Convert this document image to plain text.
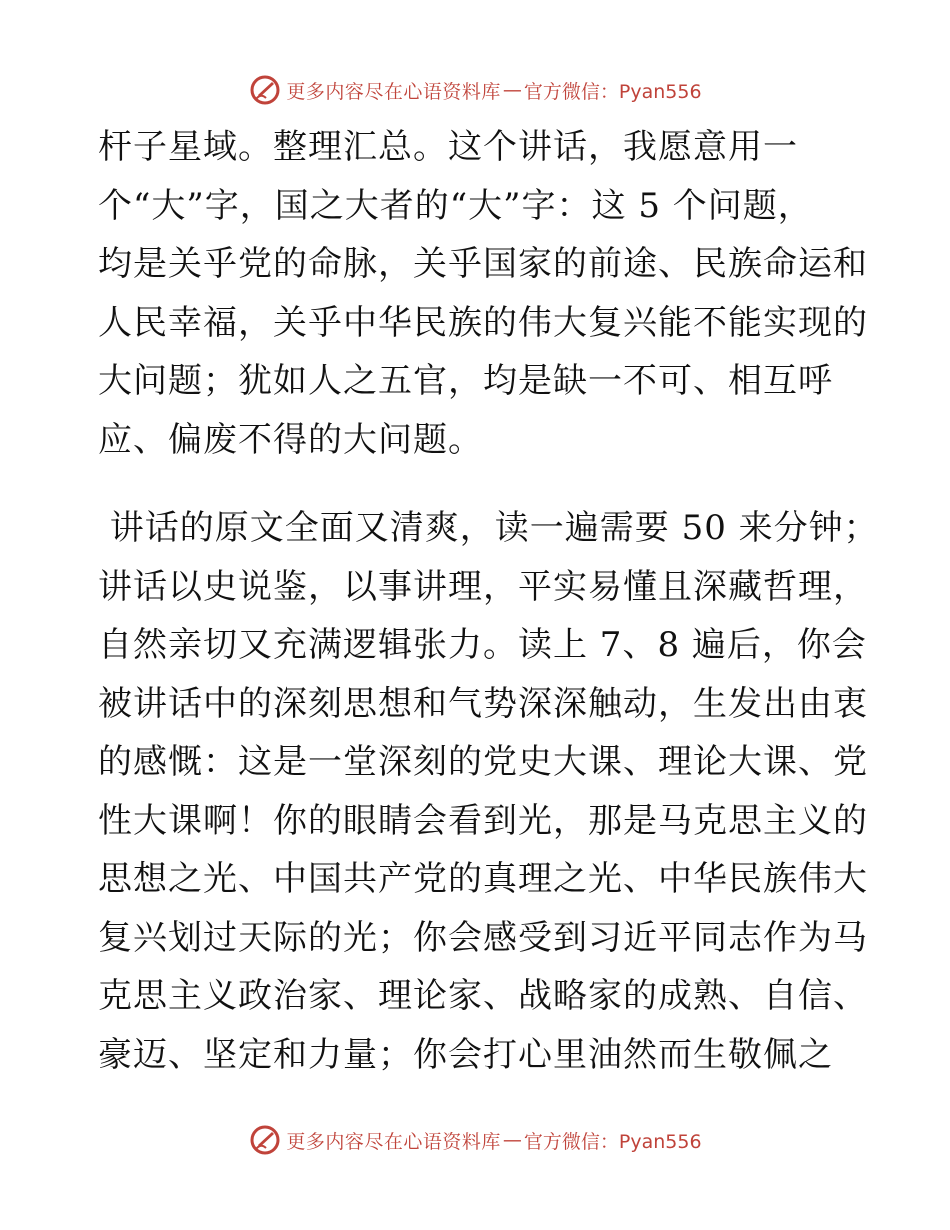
更多内容尽在心语资料库 — 官方微信：Pyan556
杆子星域。整理汇总。这个讲话，我愿意用一
个“大”字，国之大者的“大”字：这 5 个问题，
均是关乎党的命脉，关乎国家的前途、民族命运和
人民幸福，关乎中华民族的伟大复兴能不能实现的
大问题；犹如人之五官，均是缺一不可、相互呼
应、偏废不得的大问题。
讲话的原文全面又清爽，读一遍需要 50 来分钟；
讲话以史说鉴，以事讲理，平实易懂且深藏哲理，
自然亲切又充满逻辑张力。读上 7、8 遍后，你会
被讲话中的深刻思想和气势深深触动，生发出由衷
的感慨：这是一堂深刻的党史大课、理论大课、党
性大课啊！你的眼睛会看到光，那是马克思主义的
思想之光、中国共产党的真理之光、中华民族伟大
复兴划过天际的光；你会感受到习近平同志作为马
克思主义政治家、理论家、战略家的成熟、自信、
豪迈、坚定和力量；你会打心里油然而生敬佩之
更多内容尽在心语资料库 — 官方微信：Pyan556
